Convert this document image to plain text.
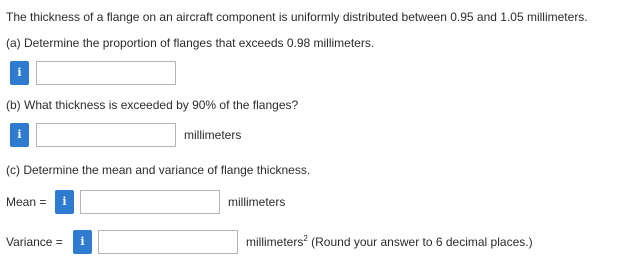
The thickness of a flange on an aircraft component is uniformly distributed between 0.95 and 1.05 millimeters.
(a) Determine the proportion of flanges that exceeds 0.98 millimeters.
i
(b) What thickness is exceeded by 90% of the flanges?
i	millimeters
(c) Determine the mean and variance of flange thickness.
Mean =	i	millimeters
Variance =	i	millimeters$^2$ (Round your answer to 6 decimal places.)
